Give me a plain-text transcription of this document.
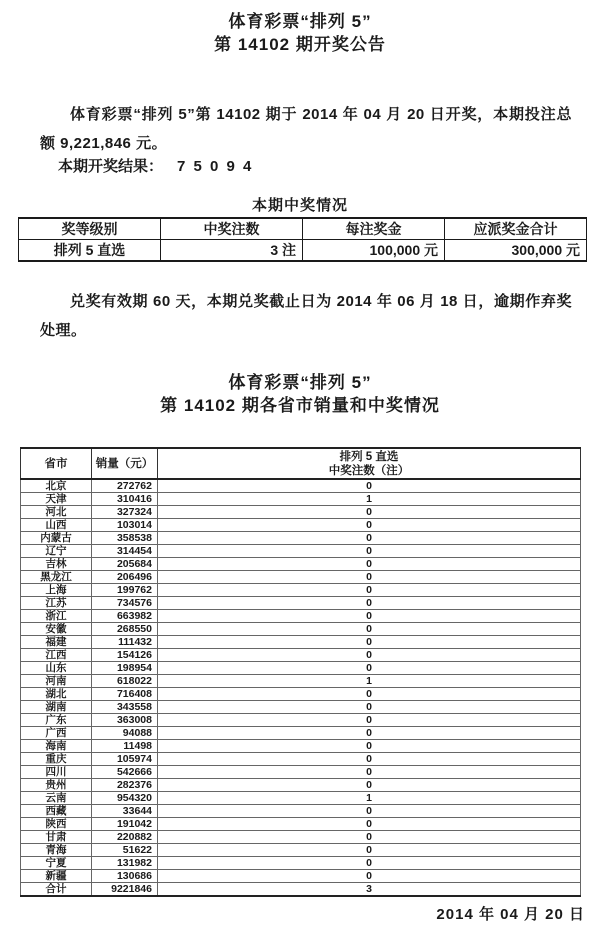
体育彩票“排列 5”
第 14102 期开奖公告
体育彩票“排列 5”第 14102 期于 2014 年 04 月 20 日开奖，本期投注总额 9,221,846 元。
本期开奖结果： 7 5 0 9 4
本期中奖情况
奖等级别	中奖注数	每注奖金	应派奖金合计
排列 5 直选	3 注	100,000 元	300,000 元
兑奖有效期 60 天，本期兑奖截止日为 2014 年 06 月 18 日，逾期作弃奖处理。
体育彩票“排列 5”
第 14102 期各省市销量和中奖情况
省市	销量（元）	排列 5 直选
中奖注数（注）

北京	272762	0
天津	310416	1
河北	327324	0
山西	103014	0
内蒙古	358538	0
辽宁	314454	0
吉林	205684	0
黑龙江	206496	0
上海	199762	0
江苏	734576	0
浙江	663982	0
安徽	268550	0
福建	111432	0
江西	154126	0
山东	198954	0
河南	618022	1
湖北	716408	0
湖南	343558	0
广东	363008	0
广西	94088	0
海南	11498	0
重庆	105974	0
四川	542666	0
贵州	282376	0
云南	954320	1
西藏	33644	0
陕西	191042	0
甘肃	220882	0
青海	51622	0
宁夏	131982	0
新疆	130686	0
合计	9221846	3
2014 年 04 月 20 日
